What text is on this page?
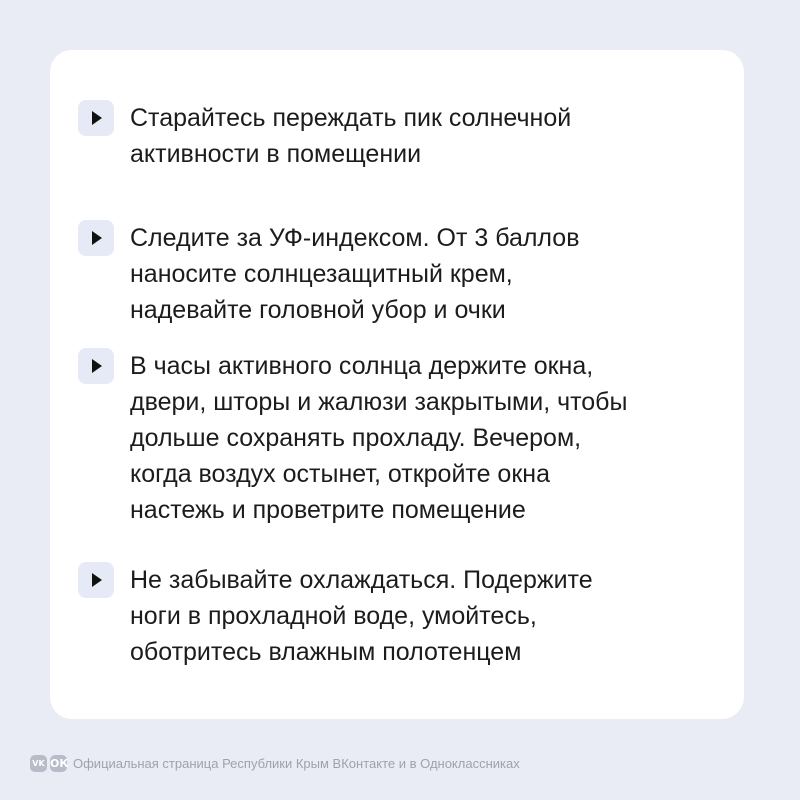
Старайтесь переждать пик солнечной
активности в помещении

Следите за УФ-индексом. От 3 баллов
наносите солнцезащитный крем,
надевайте головной убор и очки

В часы активного солнца держите окна,
двери, шторы и жалюзи закрытыми, чтобы
дольше сохранять прохладу. Вечером,
когда воздух остынет, откройте окна
настежь и проветрите помещение

Не забывайте охлаждаться. Подержите
ноги в прохладной воде, умойтесь,
оботритесь влажным полотенцем

VK ОК Официальная страница Республики Крым ВКонтакте и в Одноклассниках
